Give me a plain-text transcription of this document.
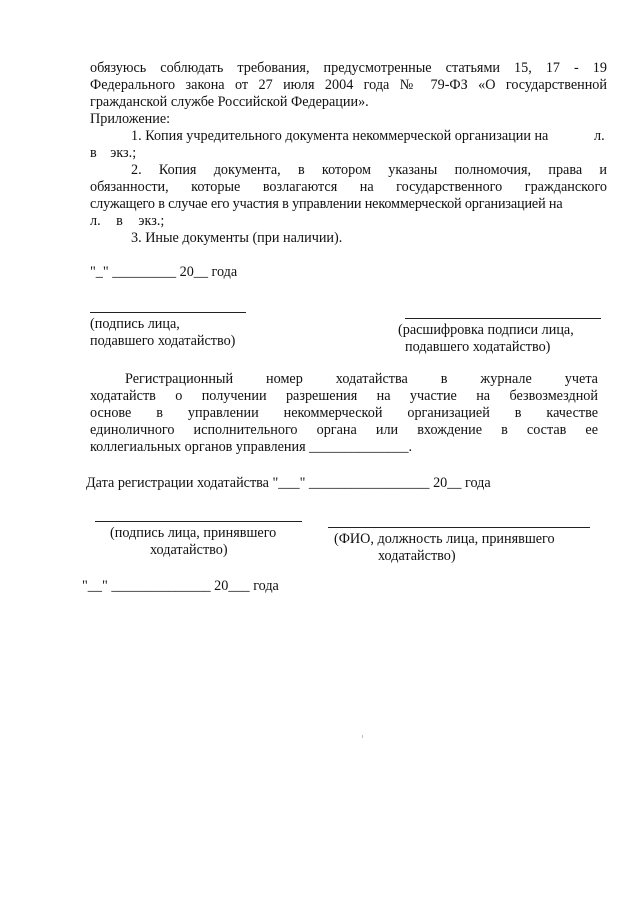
обязуюсь соблюдать требования, предусмотренные статьями 15, 17 - 19
Федерального закона от 27 июля 2004 года № 79-ФЗ «О государственной
гражданской службе Российской Федерации».
Приложение:
1. Копия учредительного документа некоммерческой организации на	л.
в экз.;
2. Копия документа, в котором указаны полномочия, права и
обязанности, которые возлагаются на государственного гражданского
служащего в случае его участия в управлении некоммерческой организацией на
л. в экз.;
3. Иные документы (при наличии).
"_" _________ 20__ года
(подпись лица,
подавшего ходатайство)
(расшифровка подписи лица,
подавшего ходатайство)
Регистрационный номер ходатайства в журнале учета
ходатайств о получении разрешения на участие на безвозмездной
основе в управлении некоммерческой организацией в качестве
единоличного исполнительного органа или вхождение в состав ее
коллегиальных органов управления ______________.
Дата регистрации ходатайства "___" _________________ 20__ года
(подпись лица, принявшего
ходатайство)
(ФИО, должность лица, принявшего
ходатайство)
"__" ______________ 20___ года
